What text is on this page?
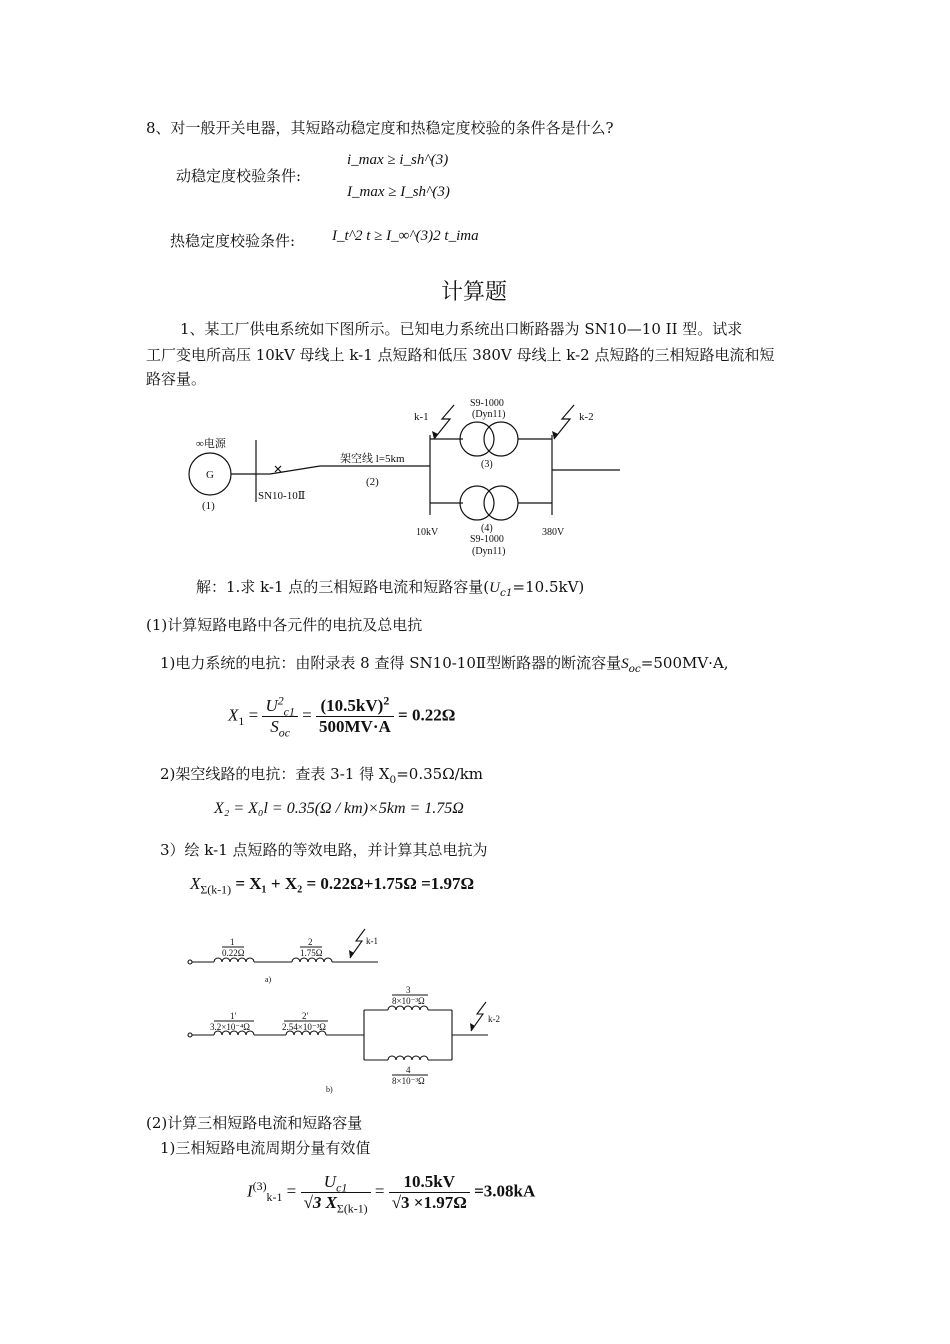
8、对一般开关电器，其短路动稳定度和热稳定度校验的条件各是什么?
动稳定度校验条件:
i_max ≥ i_sh^(3)
I_max ≥ I_sh^(3)
热稳定度校验条件: I_t^2 t ≥ I_∞^(3)2 t_ima
计算题
1、某工厂供电系统如下图所示。已知电力系统出口断路器为 SN10—10 II 型。试求
工厂变电所高压 10kV 母线上 k-1 点短路和低压 380V 母线上 k-2 点短路的三相短路电流和短
路容量。
∞电源
G
(1)
SN10-10Ⅱ
架空线 l=5km
(2)
k-1	k-2
S9-1000
(Dyn11)
(3)
(4)
S9-1000
(Dyn11)
10kV	380V
解：1.求 k-1 点的三相短路电流和短路容量$(U_{c1}=10.5kV)$
(1)计算短路电路中各元件的电抗及总电抗
1)电力系统的电抗：由附录表 8 查得 SN10-10Ⅱ型断路器的断流容量$S_{oc}=500MV\cdot A$,
$X_1 = \frac{U^2_{c1}}{S_{oc}} = \frac{(10.5kV)^2}{500MV\cdot A} = 0.22\Omega$
2)架空线路的电抗：查表 3-1 得 $X_0=0.35\Omega/km$
X₂ = X₀l = 0.35(Ω / km)×5km = 1.75Ω
3）绘 k-1 点短路的等效电路，并计算其总电抗为
$X_{\Sigma(k-1)} = X_1 + X_2 = 0.22\Omega+1.75\Omega =1.97\Omega$
1
0.22Ω
2
1.75Ω
k-1
a)
1′
3.2×10⁻⁴Ω
2′
2.54×10⁻³Ω
3
8×10⁻³Ω
4
8×10⁻³Ω
k-2
b)
(2)计算三相短路电流和短路容量
1)三相短路电流周期分量有效值
$I^{(3)}_{k-1} = \frac{U_{c1}}{√3 X_{\Sigma(k-1)}} = \frac{10.5kV}{√3 \times 1.97\Omega} =3.08kA$
